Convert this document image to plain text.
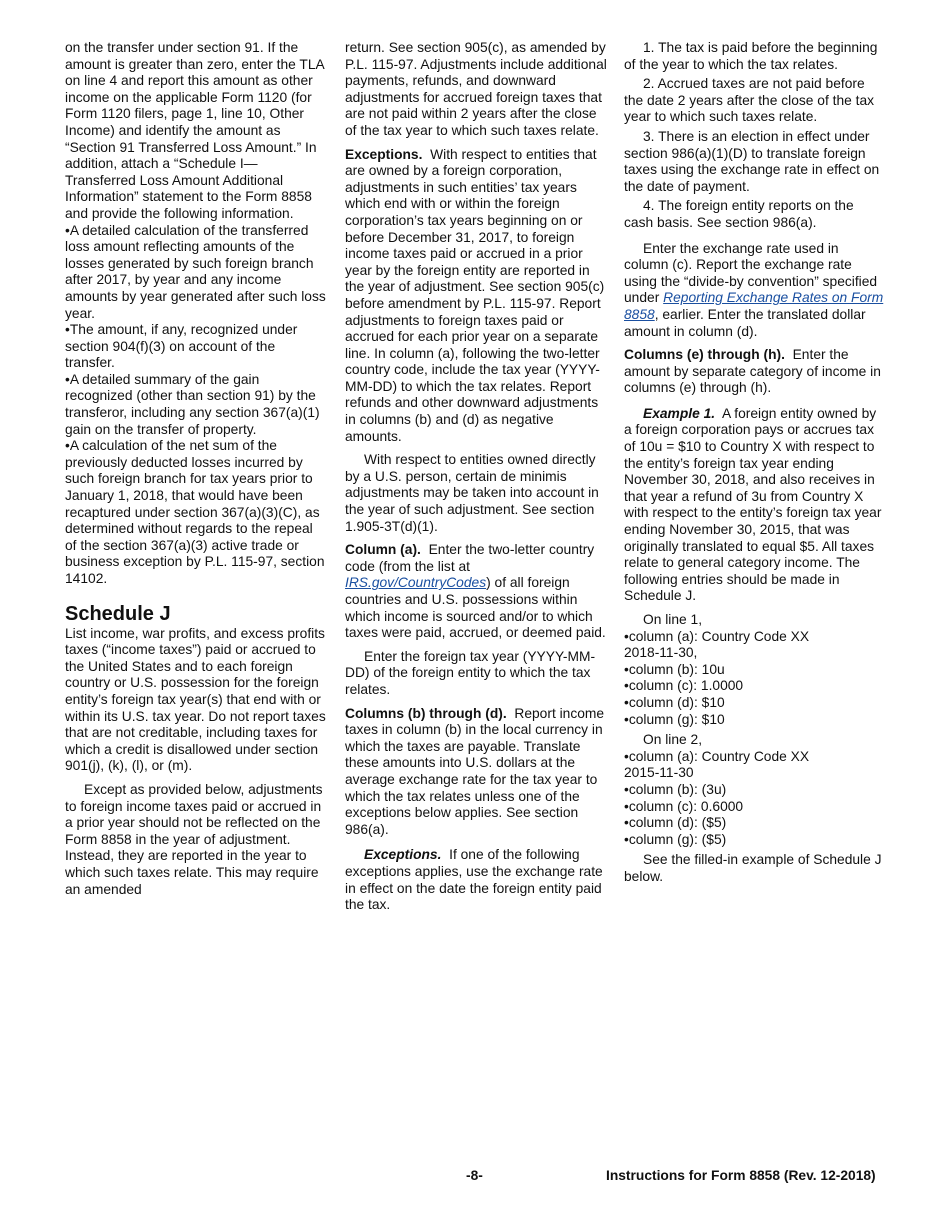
on the transfer under section 91. If the amount is greater than zero, enter the TLA on line 4 and report this amount as other income on the applicable Form 1120 (for Form 1120 filers, page 1, line 10, Other Income) and identify the amount as “Section 91 Transferred Loss Amount.” In addition, attach a “Schedule I—Transferred Loss Amount Additional Information” statement to the Form 8858 and provide the following information.

•A detailed calculation of the transferred loss amount reflecting amounts of the losses generated by such foreign branch after 2017, by year and any income amounts by year generated after such loss year.
•The amount, if any, recognized under section 904(f)(3) on account of the transfer.
•A detailed summary of the gain recognized (other than section 91) by the transferor, including any section 367(a)(1) gain on the transfer of property.
•A calculation of the net sum of the previously deducted losses incurred by such foreign branch for tax years prior to January 1, 2018, that would have been recaptured under section 367(a)(3)(C), as determined without regards to the repeal of the section 367(a)(3) active trade or business exception by P.L. 115-97, section 14102.
Schedule J

List income, war profits, and excess profits taxes (“income taxes”) paid or accrued to the United States and to each foreign country or U.S. possession for the foreign entity’s foreign tax year(s) that end with or within its U.S. tax year. Do not report taxes that are not creditable, including taxes for which a credit is disallowed under section 901(j), (k), (l), or (m).

Except as provided below, adjustments to foreign income taxes paid or accrued in a prior year should not be reflected on the Form 8858 in the year of adjustment. Instead, they are reported in the year to which such taxes relate. This may require an amended

return. See section 905(c), as amended by P.L. 115-97. Adjustments include additional payments, refunds, and downward adjustments for accrued foreign taxes that are not paid within 2 years after the close of the tax year to which such taxes relate.

Exceptions. With respect to entities that are owned by a foreign corporation, adjustments in such entities’ tax years which end with or within the foreign corporation’s tax years beginning on or before December 31, 2017, to foreign income taxes paid or accrued in a prior year by the foreign entity are reported in the year of adjustment. See section 905(c) before amendment by P.L. 115-97. Report adjustments to foreign taxes paid or accrued for each prior year on a separate line. In column (a), following the two-letter country code, include the tax year (YYYY-MM-DD) to which the tax relates. Report refunds and other downward adjustments in columns (b) and (d) as negative amounts.

With respect to entities owned directly by a U.S. person, certain de minimis adjustments may be taken into account in the year of such adjustment. See section 1.905-3T(d)(1).

Column (a). Enter the two-letter country code (from the list at IRS.gov/CountryCodes) of all foreign countries and U.S. possessions within which income is sourced and/or to which taxes were paid, accrued, or deemed paid.

Enter the foreign tax year (YYYY-MM-DD) of the foreign entity to which the tax relates.

Columns (b) through (d). Report income taxes in column (b) in the local currency in which the taxes are payable. Translate these amounts into U.S. dollars at the average exchange rate for the tax year to which the tax relates unless one of the exceptions below applies. See section 986(a).

Exceptions. If one of the following exceptions applies, use the exchange rate in effect on the date the foreign entity paid the tax.

1. The tax is paid before the beginning of the year to which the tax relates.

2. Accrued taxes are not paid before the date 2 years after the close of the tax year to which such taxes relate.

3. There is an election in effect under section 986(a)(1)(D) to translate foreign taxes using the exchange rate in effect on the date of payment.

4. The foreign entity reports on the cash basis. See section 986(a).

Enter the exchange rate used in column (c). Report the exchange rate using the “divide-by convention” specified under Reporting Exchange Rates on Form 8858, earlier. Enter the translated dollar amount in column (d).

Columns (e) through (h). Enter the amount by separate category of income in columns (e) through (h).

Example 1. A foreign entity owned by a foreign corporation pays or accrues tax of 10u = $10 to Country X with respect to the entity’s foreign tax year ending November 30, 2018, and also receives in that year a refund of 3u from Country X with respect to the entity’s foreign tax year ending November 30, 2015, that was originally translated to equal $5. All taxes relate to general category income. The following entries should be made in Schedule J.

On line 1,

•column (a): Country Code XX
2018-11-30,
•column (b): 10u
•column (c): 1.0000
•column (d): $10
•column (g): $10

On line 2,

•column (a): Country Code XX
2015-11-30
•column (b): (3u)
•column (c): 0.6000
•column (d): ($5)
•column (g): ($5)

See the filled-in example of Schedule J below.

-8-	Instructions for Form 8858 (Rev. 12-2018)
